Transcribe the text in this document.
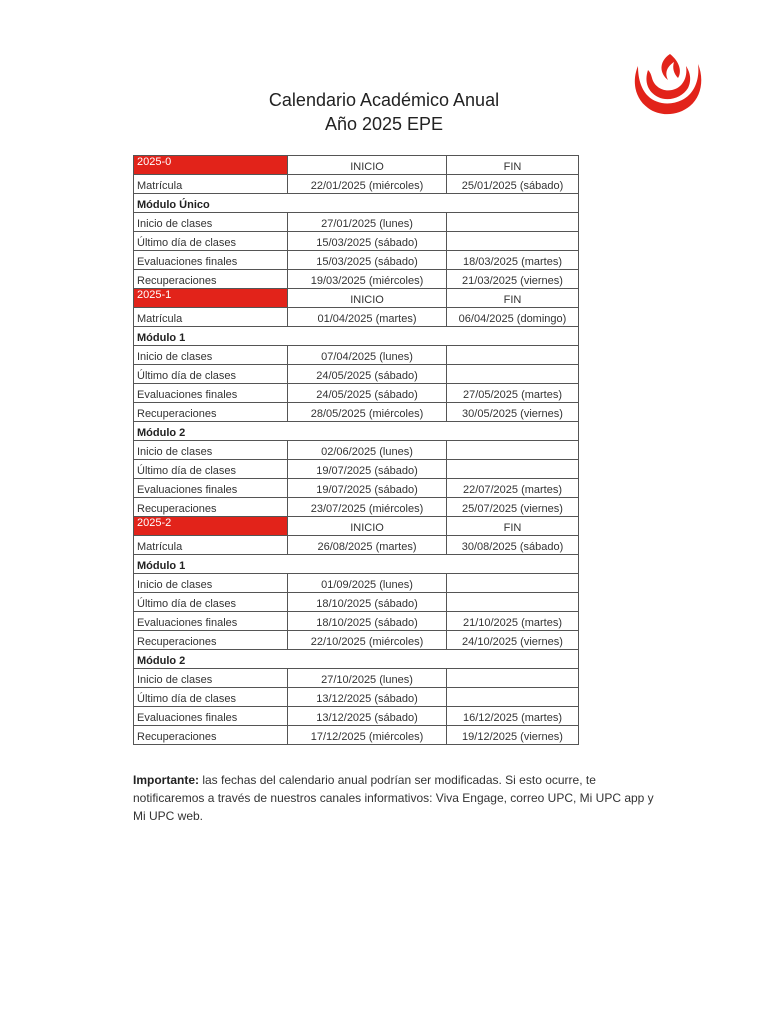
Calendario Académico Anual
Año 2025 EPE
2025-0	INICIO	FIN
Matrícula	22/01/2025 (miércoles)	25/01/2025 (sábado)
Módulo Único		
Inicio de clases	27/01/2025 (lunes)	
Último día de clases	15/03/2025 (sábado)	
Evaluaciones finales	15/03/2025 (sábado)	18/03/2025 (martes)
Recuperaciones	19/03/2025 (miércoles)	21/03/2025 (viernes)
2025-1	INICIO	FIN
Matrícula	01/04/2025 (martes)	06/04/2025 (domingo)
Módulo 1		
Inicio de clases	07/04/2025 (lunes)	
Último día de clases	24/05/2025 (sábado)	
Evaluaciones finales	24/05/2025 (sábado)	27/05/2025 (martes)
Recuperaciones	28/05/2025 (miércoles)	30/05/2025 (viernes)
Módulo 2		
Inicio de clases	02/06/2025 (lunes)	
Último día de clases	19/07/2025 (sábado)	
Evaluaciones finales	19/07/2025 (sábado)	22/07/2025 (martes)
Recuperaciones	23/07/2025 (miércoles)	25/07/2025 (viernes)
2025-2	INICIO	FIN
Matrícula	26/08/2025 (martes)	30/08/2025 (sábado)
Módulo 1		
Inicio de clases	01/09/2025 (lunes)	
Último día de clases	18/10/2025 (sábado)	
Evaluaciones finales	18/10/2025 (sábado)	21/10/2025 (martes)
Recuperaciones	22/10/2025 (miércoles)	24/10/2025 (viernes)
Módulo 2		
Inicio de clases	27/10/2025 (lunes)	
Último día de clases	13/12/2025 (sábado)	
Evaluaciones finales	13/12/2025 (sábado)	16/12/2025 (martes)
Recuperaciones	17/12/2025 (miércoles)	19/12/2025 (viernes)
Importante: las fechas del calendario anual podrían ser modificadas. Si esto ocurre, te notificaremos a través de nuestros canales informativos: Viva Engage, correo UPC, Mi UPC app y Mi UPC web.
